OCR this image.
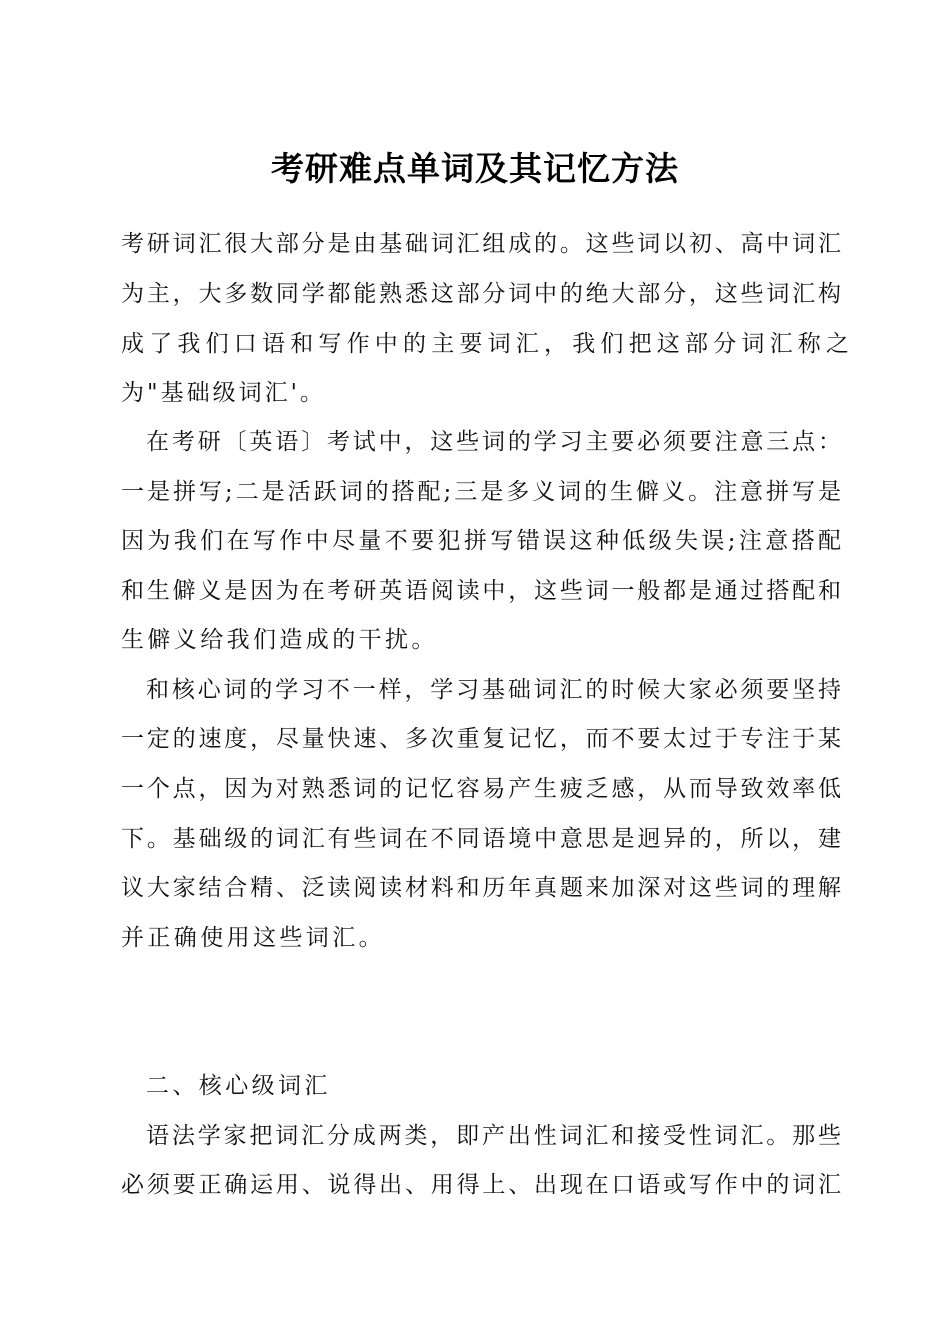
考研难点单词及其记忆方法
考研词汇很大部分是由基础词汇组成的。这些词以初、高中词汇
为主，大多数同学都能熟悉这部分词中的绝大部分，这些词汇构
成了我们口语和写作中的主要词汇，我们把这部分词汇称之
为"基础级词汇'。
在考研〔英语〕考试中，这些词的学习主要必须要注意三点：
一是拼写;二是活跃词的搭配;三是多义词的生僻义。注意拼写是
因为我们在写作中尽量不要犯拼写错误这种低级失误;注意搭配
和生僻义是因为在考研英语阅读中，这些词一般都是通过搭配和
生僻义给我们造成的干扰。
和核心词的学习不一样，学习基础词汇的时候大家必须要坚持
一定的速度，尽量快速、多次重复记忆，而不要太过于专注于某
一个点，因为对熟悉词的记忆容易产生疲乏感，从而导致效率低
下。基础级的词汇有些词在不同语境中意思是迥异的，所以，建
议大家结合精、泛读阅读材料和历年真题来加深对这些词的理解
并正确使用这些词汇。
二、核心级词汇
语法学家把词汇分成两类，即产出性词汇和接受性词汇。那些
必须要正确运用、说得出、用得上、出现在口语或写作中的词汇
